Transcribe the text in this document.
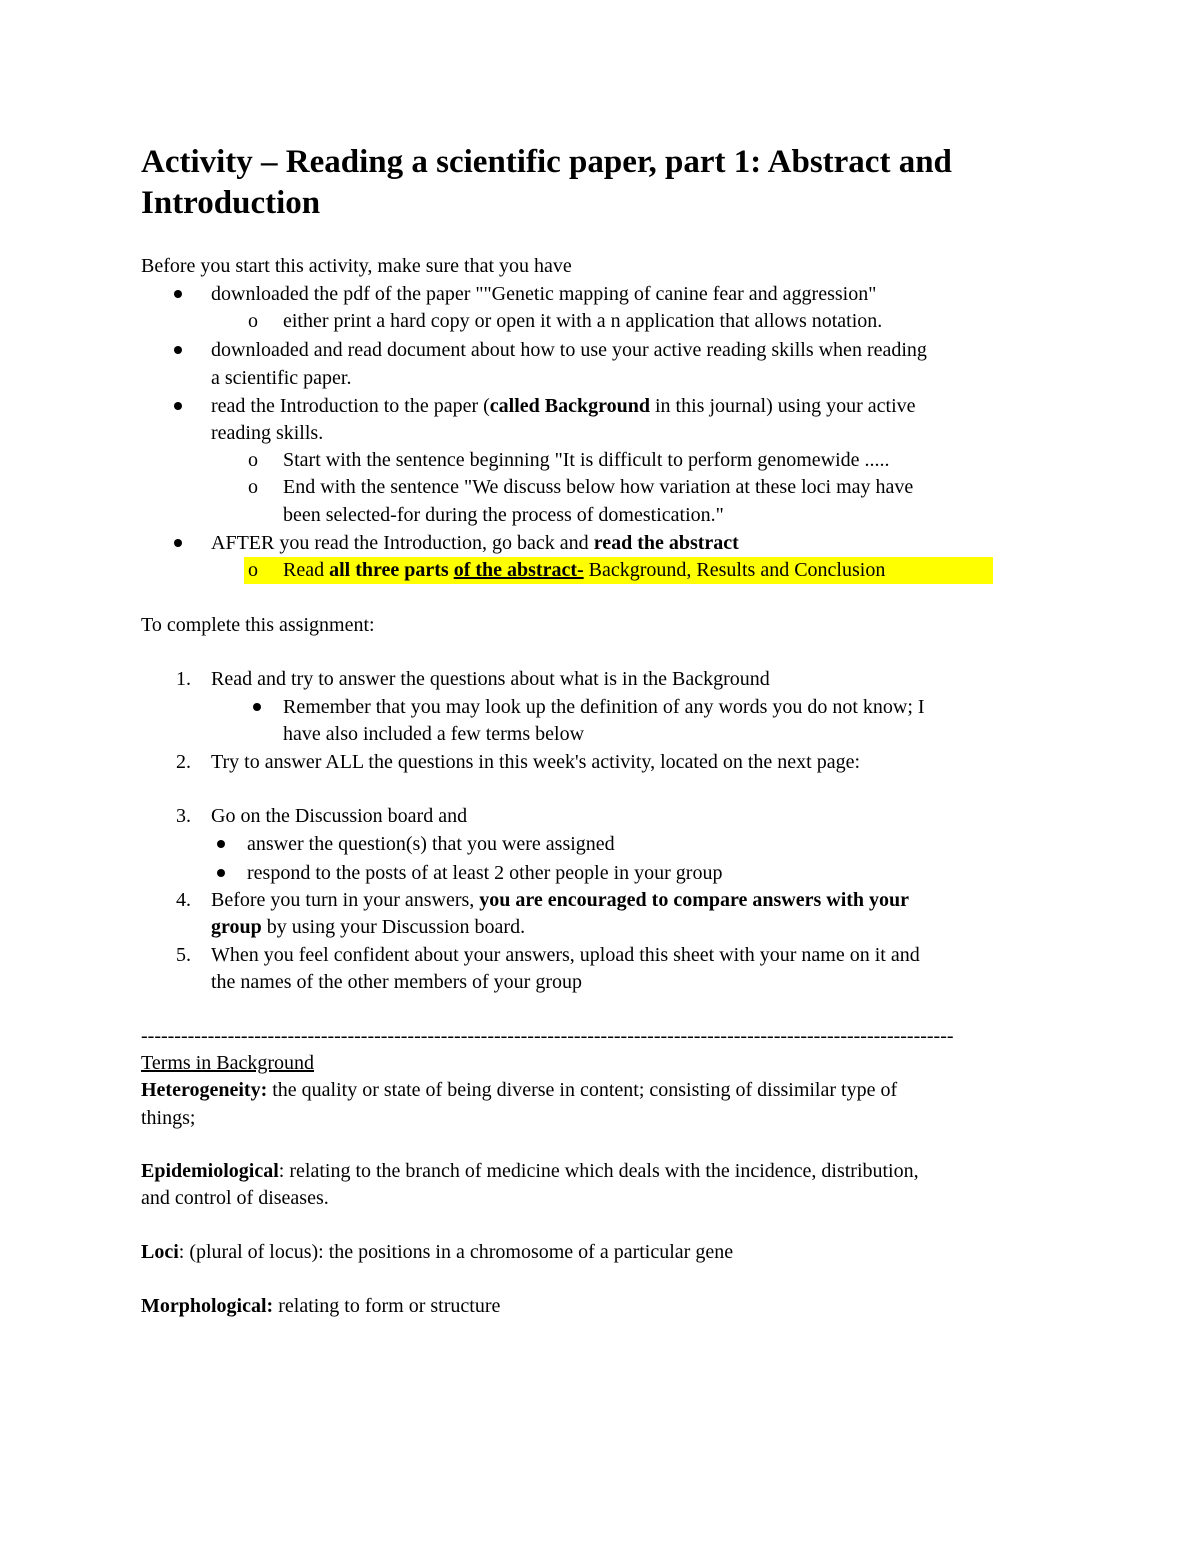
Activity – Reading a scientific paper, part 1: Abstract and Introduction
Before you start this activity, make sure that you have
downloaded the pdf of the paper ""Genetic mapping of canine fear and aggression"
o either print a hard copy or open it with a n application that allows notation.
downloaded and read document about how to use your active reading skills when reading
a scientific paper.
read the Introduction to the paper (called Background in this journal) using your active
reading skills.
o Start with the sentence beginning "It is difficult to perform genomewide .....
o End with the sentence "We discuss below how variation at these loci may have
been selected-for during the process of domestication."
AFTER you read the Introduction, go back and read the abstract
o Read all three parts of the abstract- Background, Results and Conclusion
To complete this assignment:
1. Read and try to answer the questions about what is in the Background
Remember that you may look up the definition of any words you do not know; I
have also included a few terms below
2. Try to answer ALL the questions in this week's activity, located on the next page:
3. Go on the Discussion board and
answer the question(s) that you were assigned
respond to the posts of at least 2 other people in your group
4. Before you turn in your answers, you are encouraged to compare answers with your
group by using your Discussion board.
5. When you feel confident about your answers, upload this sheet with your name on it and
the names of the other members of your group
--------------------------------------------------------------------------------------------------------------------------
Terms in Background
Heterogeneity: the quality or state of being diverse in content; consisting of dissimilar type of
things;
Epidemiological: relating to the branch of medicine which deals with the incidence, distribution,
and control of diseases.
Loci: (plural of locus): the positions in a chromosome of a particular gene
Morphological: relating to form or structure
